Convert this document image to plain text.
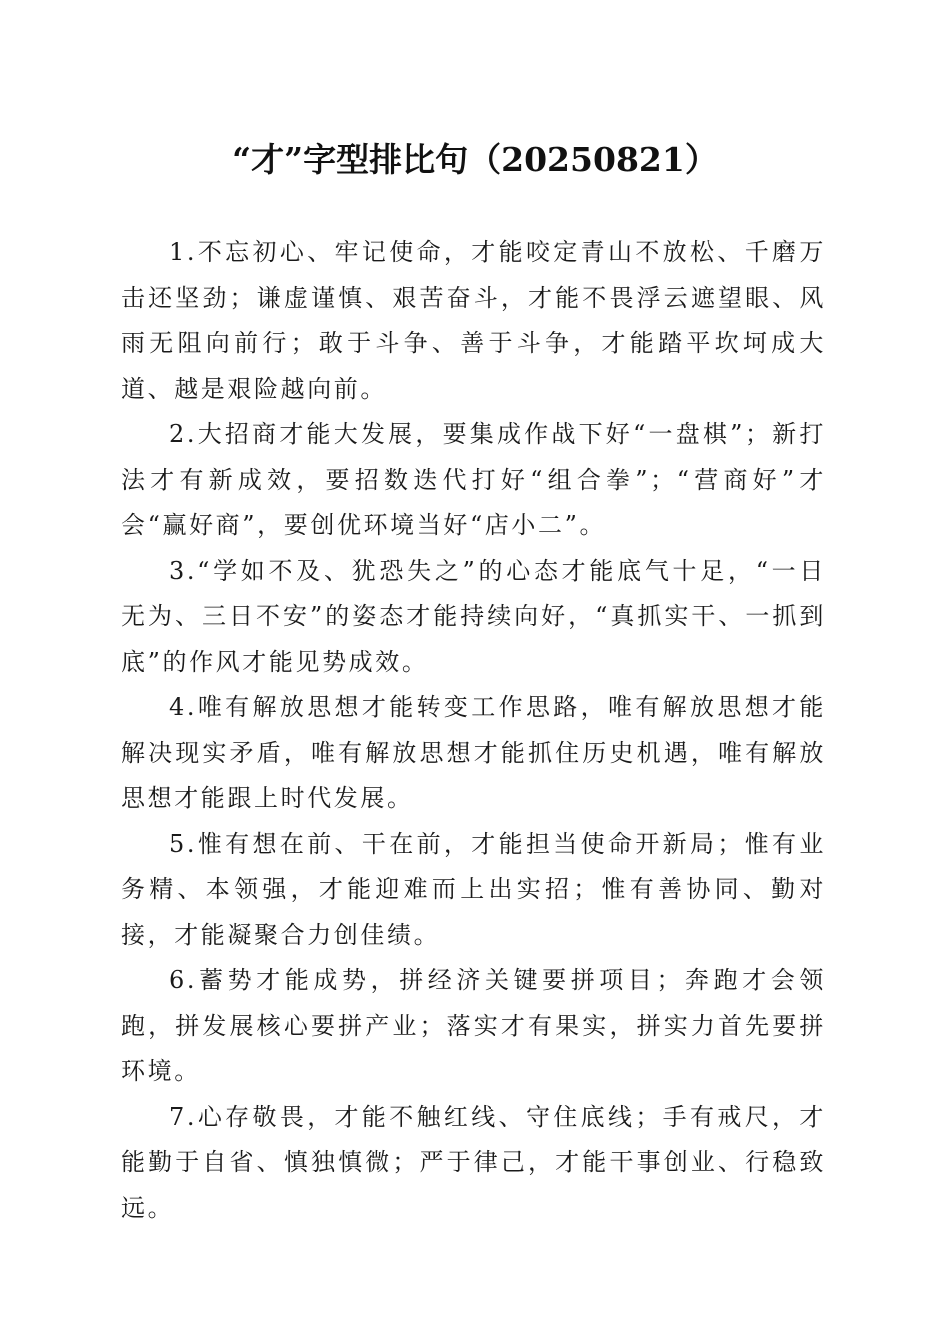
“才”字型排比句（20250821）

1.不忘初心、牢记使命，才能咬定青山不放松、千磨万击还坚劲；谦虚谨慎、艰苦奋斗，才能不畏浮云遮望眼、风雨无阻向前行；敢于斗争、善于斗争，才能踏平坎坷成大道、越是艰险越向前。

2.大招商才能大发展，要集成作战下好“一盘棋”；新打法才有新成效，要招数迭代打好“组合拳”；“营商好”才会“赢好商”，要创优环境当好“店小二”。

3.“学如不及、犹恐失之”的心态才能底气十足，“一日无为、三日不安”的姿态才能持续向好，“真抓实干、一抓到底”的作风才能见势成效。

4.唯有解放思想才能转变工作思路，唯有解放思想才能解决现实矛盾，唯有解放思想才能抓住历史机遇，唯有解放思想才能跟上时代发展。

5.惟有想在前、干在前，才能担当使命开新局；惟有业务精、本领强，才能迎难而上出实招；惟有善协同、勤对接，才能凝聚合力创佳绩。

6.蓄势才能成势，拼经济关键要拼项目；奔跑才会领跑，拼发展核心要拼产业；落实才有果实，拼实力首先要拼环境。

7.心存敬畏，才能不触红线、守住底线；手有戒尺，才能勤于自省、慎独慎微；严于律己，才能干事创业、行稳致远。
